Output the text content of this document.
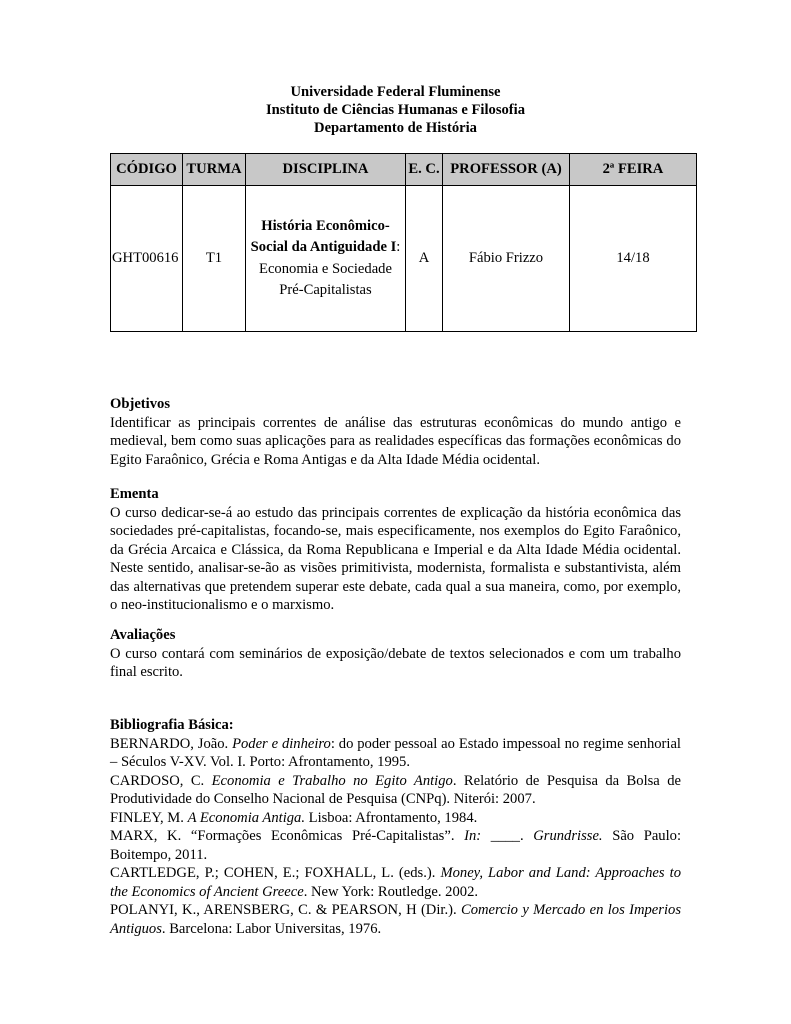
Universidade Federal Fluminense
Instituto de Ciências Humanas e Filosofia
Departamento de História
CÓDIGO	TURMA	DISCIPLINA	E. C.	PROFESSOR (A)	2ª FEIRA
GHT00616	T1	História Econômico-Social da Antiguidade I: Economia e Sociedade Pré-Capitalistas	A	Fábio Frizzo	14/18
Objetivos

Identificar as principais correntes de análise das estruturas econômicas do mundo antigo e medieval, bem como suas aplicações para as realidades específicas das formações econômicas do Egito Faraônico, Grécia e Roma Antigas e da Alta Idade Média ocidental.

Ementa

O curso dedicar-se-á ao estudo das principais correntes de explicação da história econômica das sociedades pré-capitalistas, focando-se, mais especificamente, nos exemplos do Egito Faraônico, da Grécia Arcaica e Clássica, da Roma Republicana e Imperial e da Alta Idade Média ocidental. Neste sentido, analisar-se-ão as visões primitivista, modernista, formalista e substantivista, além das alternativas que pretendem superar este debate, cada qual a sua maneira, como, por exemplo, o neo-institucionalismo e o marxismo.

Avaliações

O curso contará com seminários de exposição/debate de textos selecionados e com um trabalho final escrito.

Bibliografia Básica:

BERNARDO, João. Poder e dinheiro: do poder pessoal ao Estado impessoal no regime senhorial – Séculos V-XV. Vol. I. Porto: Afrontamento, 1995.

CARDOSO, C. Economia e Trabalho no Egito Antigo. Relatório de Pesquisa da Bolsa de Produtividade do Conselho Nacional de Pesquisa (CNPq). Niterói: 2007.

FINLEY, M. A Economia Antiga. Lisboa: Afrontamento, 1984.

MARX, K. “Formações Econômicas Pré-Capitalistas”. In: ____. Grundrisse. São Paulo: Boitempo, 2011.

CARTLEDGE, P.; COHEN, E.; FOXHALL, L. (eds.). Money, Labor and Land: Approaches to the Economics of Ancient Greece. New York: Routledge. 2002.

POLANYI, K., ARENSBERG, C. & PEARSON, H (Dir.). Comercio y Mercado en los Imperios Antiguos. Barcelona: Labor Universitas, 1976.
